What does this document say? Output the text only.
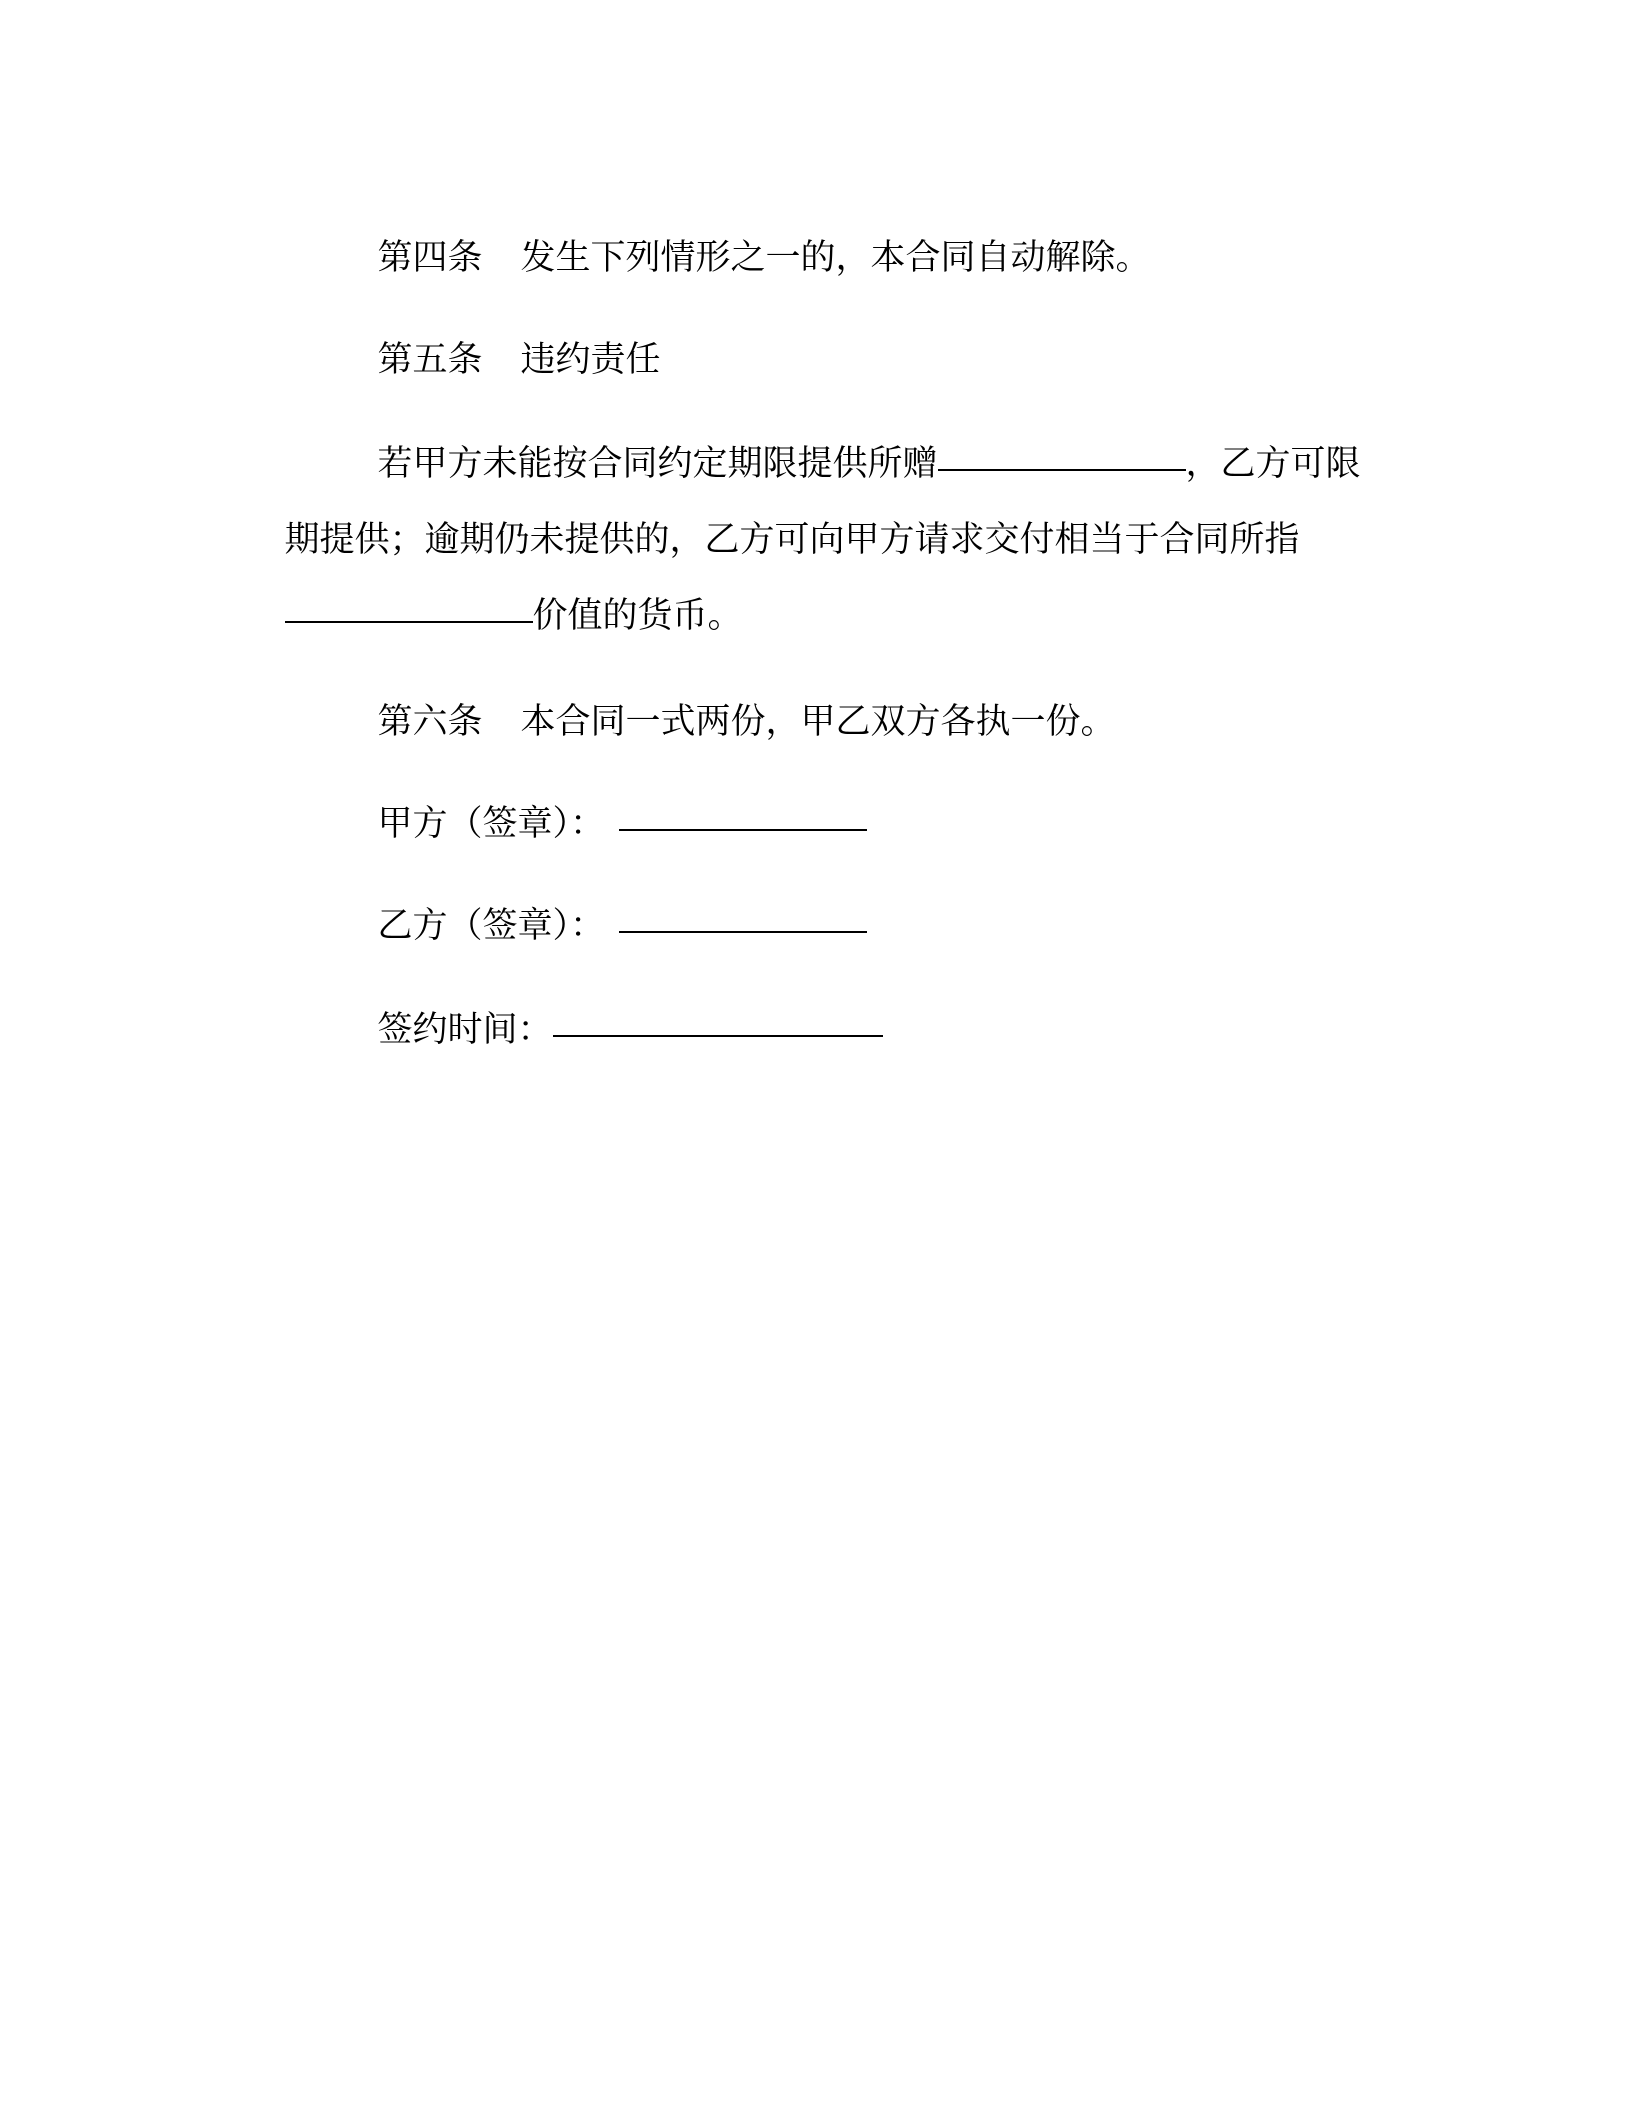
第四条 发生下列情形之一的，本合同自动解除。

第五条 违约责任

若甲方未能按合同约定期限提供所赠	，乙方可限

期提供；逾期仍未提供的，乙方可向甲方请求交付相当于合同所指

价值的货币。

第六条 本合同一式两份，甲乙双方各执一份。

甲方（签章）：

乙方（签章）：

签约时间：
